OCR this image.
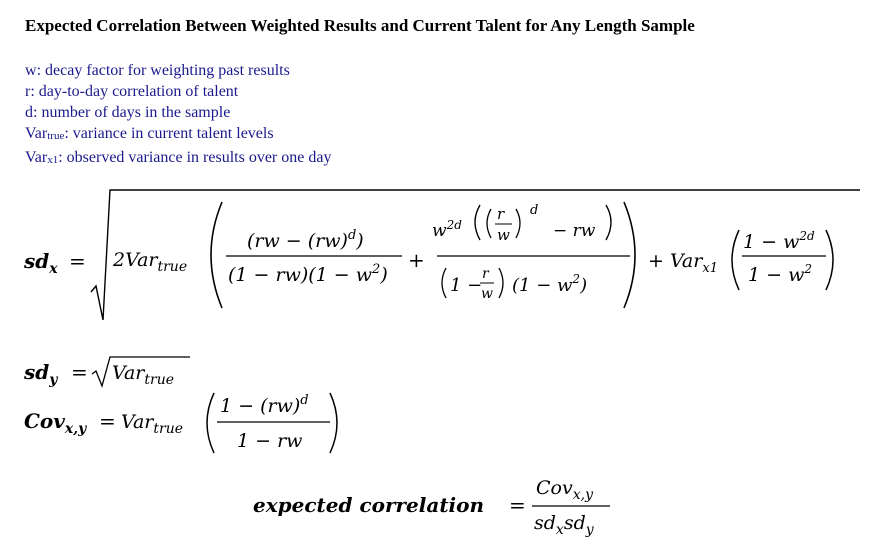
Expected Correlation Between Weighted Results and Current Talent for Any Length Sample
w: decay factor for weighting past results
r: day-to-day correlation of talent
d: number of days in the sample
Var$_{true}$: variance in current talent levels
Var$_{x1}$: observed variance in results over one day
$sd_x = 2Var_{true}$
(rw − (rw)$^d$)
$(1 - rw)(1 - w^2)$
+
$w^{2d}$
r
w
d
− rw
1 −
r
w $(1 - w^2)$
+ Var$_{x1}$
$1 - w^{2d}$
$1 - w^2$
$sd_y = Var_{true}$
Cov$_{x,y}$ = Var$_{true}$
1 − (rw)$^d$
1 − rw
expected correlation =
Cov$_{x,y}$
$sd_xsd_y$
